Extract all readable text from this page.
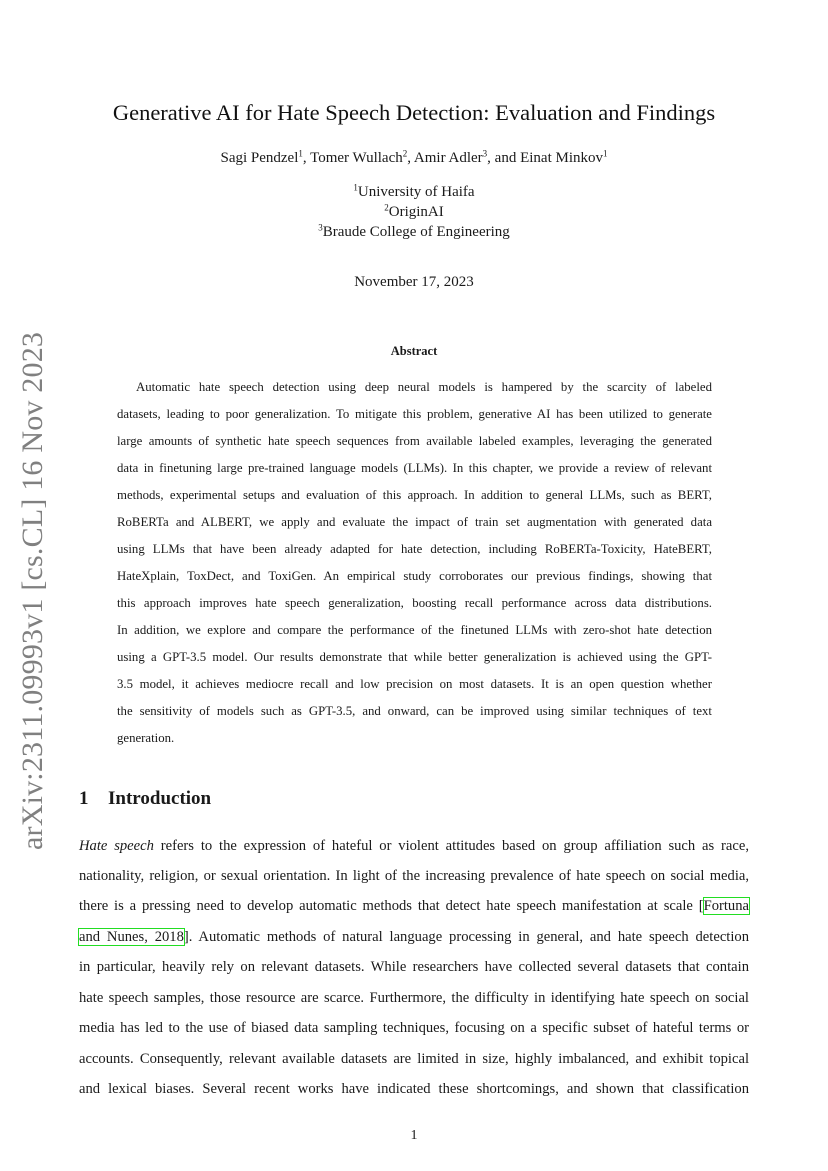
arXiv:2311.09993v1 [cs.CL] 16 Nov 2023
Generative AI for Hate Speech Detection: Evaluation and Findings
Sagi Pendzel$^1$, Tomer Wullach$^2$, Amir Adler$^3$, and Einat Minkov$^1$
$^1$University of Haifa
$^2$OriginAI
$^3$Braude College of Engineering
November 17, 2023
Abstract
Automatic hate speech detection using deep neural models is hampered by the scarcity of labeled
datasets, leading to poor generalization. To mitigate this problem, generative AI has been utilized to generate
large amounts of synthetic hate speech sequences from available labeled examples, leveraging the generated
data in finetuning large pre-trained language models (LLMs). In this chapter, we provide a review of relevant
methods, experimental setups and evaluation of this approach. In addition to general LLMs, such as BERT,
RoBERTa and ALBERT, we apply and evaluate the impact of train set augmentation with generated data
using LLMs that have been already adapted for hate detection, including RoBERTa-Toxicity, HateBERT,
HateXplain, ToxDect, and ToxiGen. An empirical study corroborates our previous findings, showing that
this approach improves hate speech generalization, boosting recall performance across data distributions.
In addition, we explore and compare the performance of the finetuned LLMs with zero-shot hate detection
using a GPT-3.5 model. Our results demonstrate that while better generalization is achieved using the GPT-
3.5 model, it achieves mediocre recall and low precision on most datasets. It is an open question whether
the sensitivity of models such as GPT-3.5, and onward, can be improved using similar techniques of text
generation.
1 Introduction
Hate speech refers to the expression of hateful or violent attitudes based on group affiliation such as race,
nationality, religion, or sexual orientation. In light of the increasing prevalence of hate speech on social media,
there is a pressing need to develop automatic methods that detect hate speech manifestation at scale [Fortuna
and Nunes, 2018]. Automatic methods of natural language processing in general, and hate speech detection
in particular, heavily rely on relevant datasets. While researchers have collected several datasets that contain
hate speech samples, those resource are scarce. Furthermore, the difficulty in identifying hate speech on social
media has led to the use of biased data sampling techniques, focusing on a specific subset of hateful terms or
accounts. Consequently, relevant available datasets are limited in size, highly imbalanced, and exhibit topical
and lexical biases. Several recent works have indicated these shortcomings, and shown that classification
1
